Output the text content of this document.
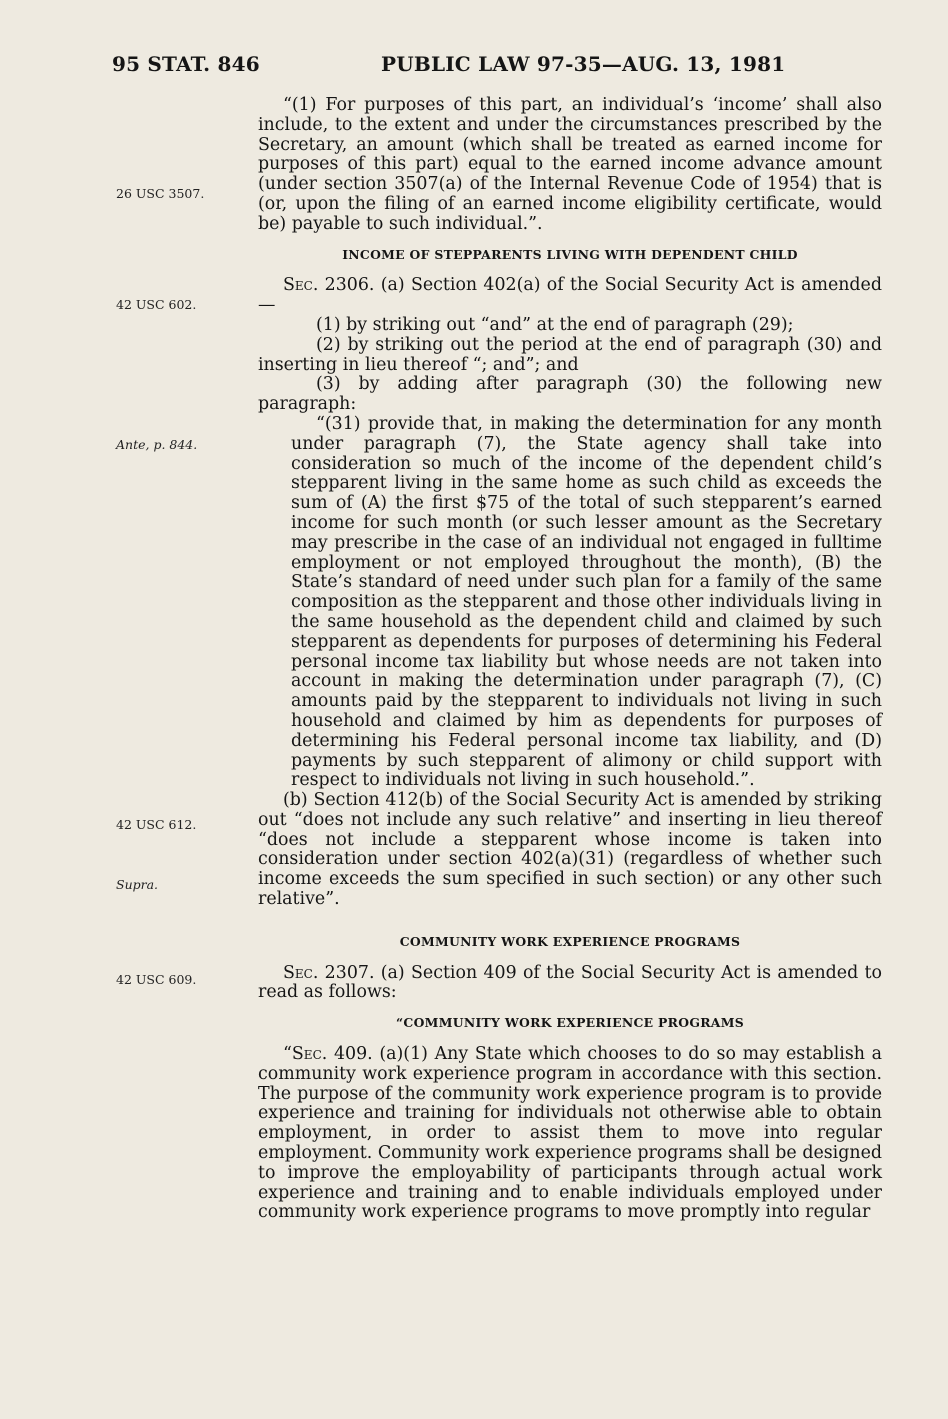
95 STAT. 846	PUBLIC LAW 97-35—AUG. 13, 1981
26 USC 3507.
42 USC 602.
Ante, p. 844.
42 USC 612.
Supra.
42 USC 609.

“(1) For purposes of this part, an individual’s ‘income’ shall also include, to the extent and under the circumstances prescribed by the Secretary, an amount (which shall be treated as earned income for purposes of this part) equal to the earned income advance amount (under section 3507(a) of the Internal Revenue Code of 1954) that is (or, upon the filing of an earned income eligibility certificate, would be) payable to such individual.”.

INCOME OF STEPPARENTS LIVING WITH DEPENDENT CHILD

Sec. 2306. (a) Section 402(a) of the Social Security Act is amended—

(1) by striking out “and” at the end of paragraph (29);

(2) by striking out the period at the end of paragraph (30) and inserting in lieu thereof “; and”; and

(3) by adding after paragraph (30) the following new paragraph:

“(31) provide that, in making the determination for any month under paragraph (7), the State agency shall take into consideration so much of the income of the dependent child’s stepparent living in the same home as such child as exceeds the sum of (A) the first $75 of the total of such stepparent’s earned income for such month (or such lesser amount as the Secretary may prescribe in the case of an individual not engaged in fulltime employment or not employed throughout the month), (B) the State’s standard of need under such plan for a family of the same composition as the stepparent and those other individuals living in the same household as the dependent child and claimed by such stepparent as dependents for purposes of determining his Federal personal income tax liability but whose needs are not taken into account in making the determination under paragraph (7), (C) amounts paid by the stepparent to individuals not living in such household and claimed by him as dependents for purposes of determining his Federal personal income tax liability, and (D) payments by such stepparent of alimony or child support with respect to individuals not living in such household.”.

(b) Section 412(b) of the Social Security Act is amended by striking out “does not include any such relative” and inserting in lieu thereof “does not include a stepparent whose income is taken into consideration under section 402(a)(31) (regardless of whether such income exceeds the sum specified in such section) or any other such relative”.

COMMUNITY WORK EXPERIENCE PROGRAMS

Sec. 2307. (a) Section 409 of the Social Security Act is amended to read as follows:

“COMMUNITY WORK EXPERIENCE PROGRAMS

“Sec. 409. (a)(1) Any State which chooses to do so may establish a community work experience program in accordance with this section. The purpose of the community work experience program is to provide experience and training for individuals not otherwise able to obtain employment, in order to assist them to move into regular employment. Community work experience programs shall be designed to improve the employability of participants through actual work experience and training and to enable individuals employed under community work experience programs to move promptly into regular
